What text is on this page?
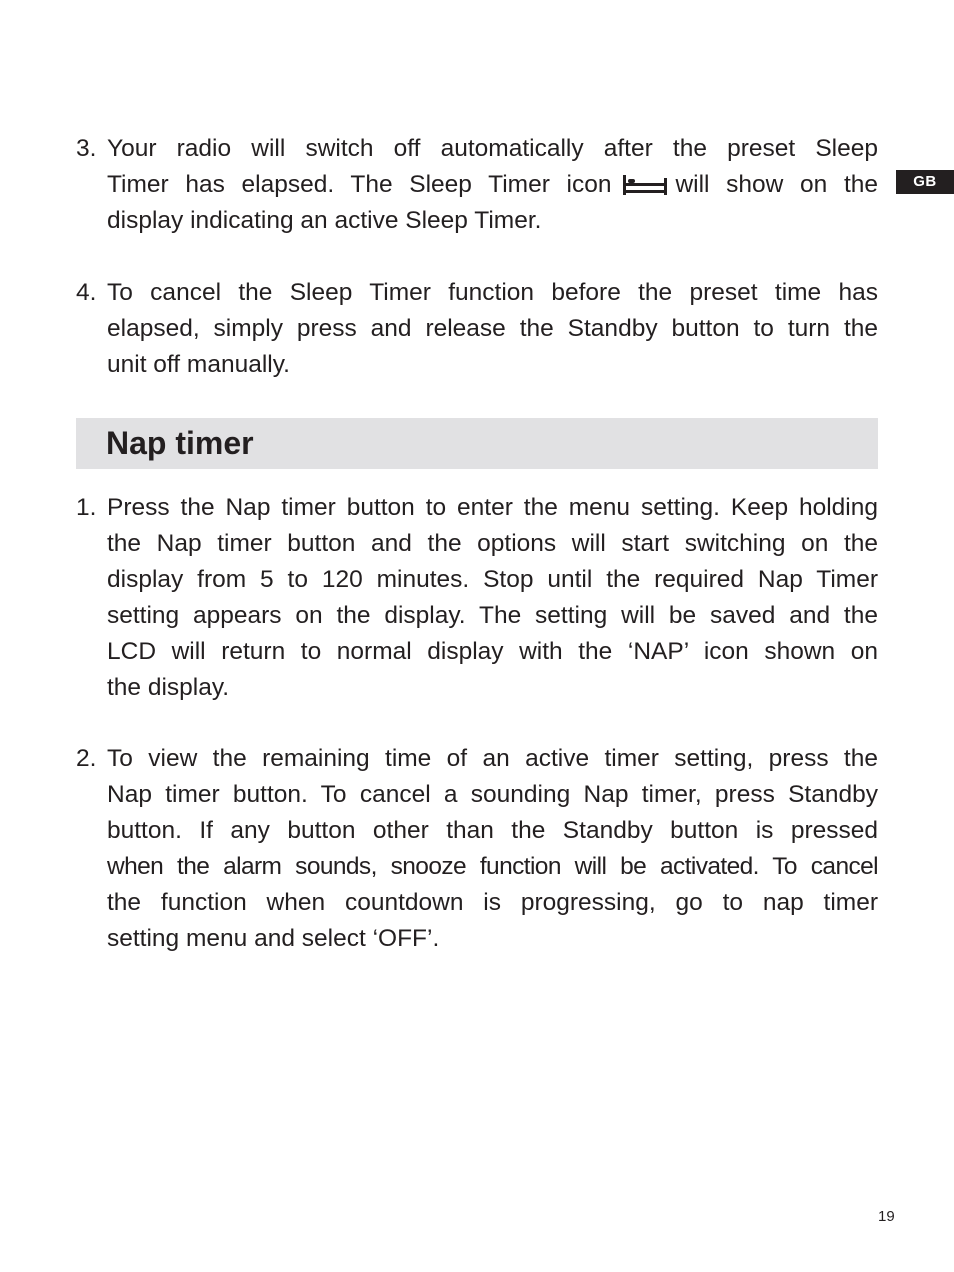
GB
3. Your radio will switch off automatically after the preset Sleep
Timer has elapsed. The Sleep Timer icon	will show on the
display indicating an active Sleep Timer.
4. To cancel the Sleep Timer function before the preset time has
elapsed, simply press and release the Standby button to turn the
unit off manually.
Nap timer
1. Press the Nap timer button to enter the menu setting. Keep holding
the Nap timer button and the options will start switching on the
display from 5 to 120 minutes. Stop until the required Nap Timer
setting appears on the display. The setting will be saved and the
LCD will return to normal display with the ‘NAP’ icon shown on
the display.
2. To view the remaining time of an active timer setting, press the
Nap timer button. To cancel a sounding Nap timer, press Standby
button. If any button other than the Standby button is pressed
when the alarm sounds, snooze function will be activated. To cancel
the function when countdown is progressing, go to nap timer
setting menu and select ‘OFF’.
19
